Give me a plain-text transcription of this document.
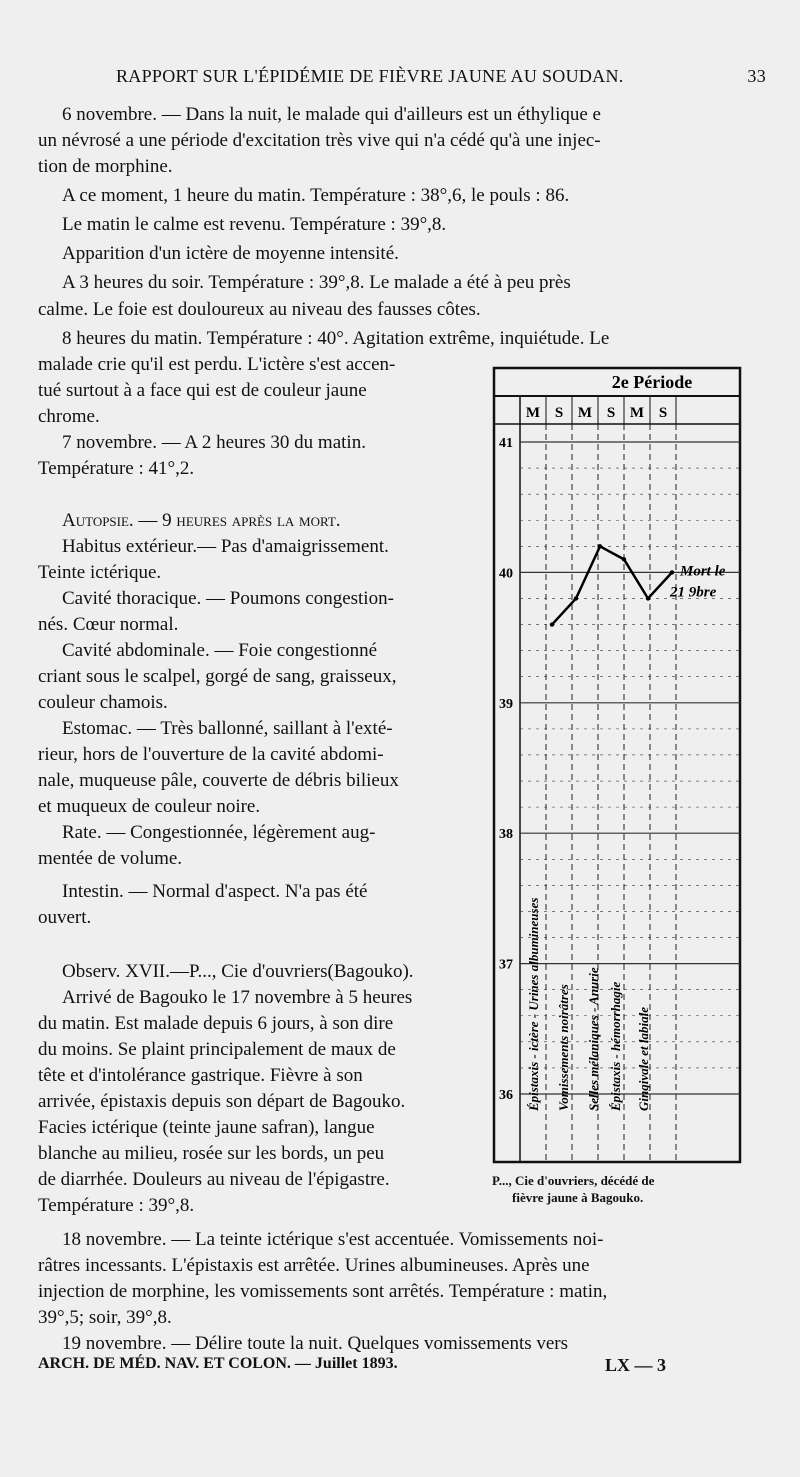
RAPPORT SUR L'ÉPIDÉMIE DE FIÈVRE JAUNE AU SOUDAN.	33
6 novembre. — Dans la nuit, le malade qui d'ailleurs est un éthylique e
un névrosé a une période d'excitation très vive qui n'a cédé qu'à une injec-
tion de morphine.
A ce moment, 1 heure du matin. Température : 38°,6, le pouls : 86.
Le matin le calme est revenu. Température : 39°,8.
Apparition d'un ictère de moyenne intensité.
A 3 heures du soir. Température : 39°,8. Le malade a été à peu près
calme. Le foie est douloureux au niveau des fausses côtes.
8 heures du matin. Température : 40°. Agitation extrême, inquiétude. Le
malade crie qu'il est perdu. L'ictère s'est accen-
tué surtout à a face qui est de couleur jaune
chrome.
7 novembre. — A 2 heures 30 du matin.
Température : 41°,2.
Autopsie. — 9 heures après la mort.
Habitus extérieur.— Pas d'amaigrissement.
Teinte ictérique.
Cavité thoracique. — Poumons congestion-
nés. Cœur normal.
Cavité abdominale. — Foie congestionné
criant sous le scalpel, gorgé de sang, graisseux,
couleur chamois.
Estomac. — Très ballonné, saillant à l'exté-
rieur, hors de l'ouverture de la cavité abdomi-
nale, muqueuse pâle, couverte de débris bilieux
et muqueux de couleur noire.
Rate. — Congestionnée, légèrement aug-
mentée de volume.
Intestin. — Normal d'aspect. N'a pas été
ouvert.
Observ. XVII.—P..., Cie d'ouvriers(Bagouko).
Arrivé de Bagouko le 17 novembre à 5 heures
du matin. Est malade depuis 6 jours, à son dire
du moins. Se plaint principalement de maux de
tête et d'intolérance gastrique. Fièvre à son
arrivée, épistaxis depuis son départ de Bagouko.
Facies ictérique (teinte jaune safran), langue
blanche au milieu, rosée sur les bords, un peu
de diarrhée. Douleurs au niveau de l'épigastre.
Température : 39°,8.
2e Période
M S M S M S
41
40
39
38
37
36
Mort le
21 9bre
Épistaxis - ictère - Urines albumineuses Vomissements noirâtres Selles mélaniques - Anurie Épistaxis - hémorrhagie Gingivale et labiale
P..., Cie d'ouvriers, décédé de
fièvre jaune à Bagouko.
18 novembre. — La teinte ictérique s'est accentuée. Vomissements noi-
râtres incessants. L'épistaxis est arrêtée. Urines albumineuses. Après une
injection de morphine, les vomissements sont arrêtés. Température : matin,
39°,5; soir, 39°,8.
19 novembre. — Délire toute la nuit. Quelques vomissements vers
ARCH. DE MÉD. NAV. ET COLON. — Juillet 1893.	LX — 3
